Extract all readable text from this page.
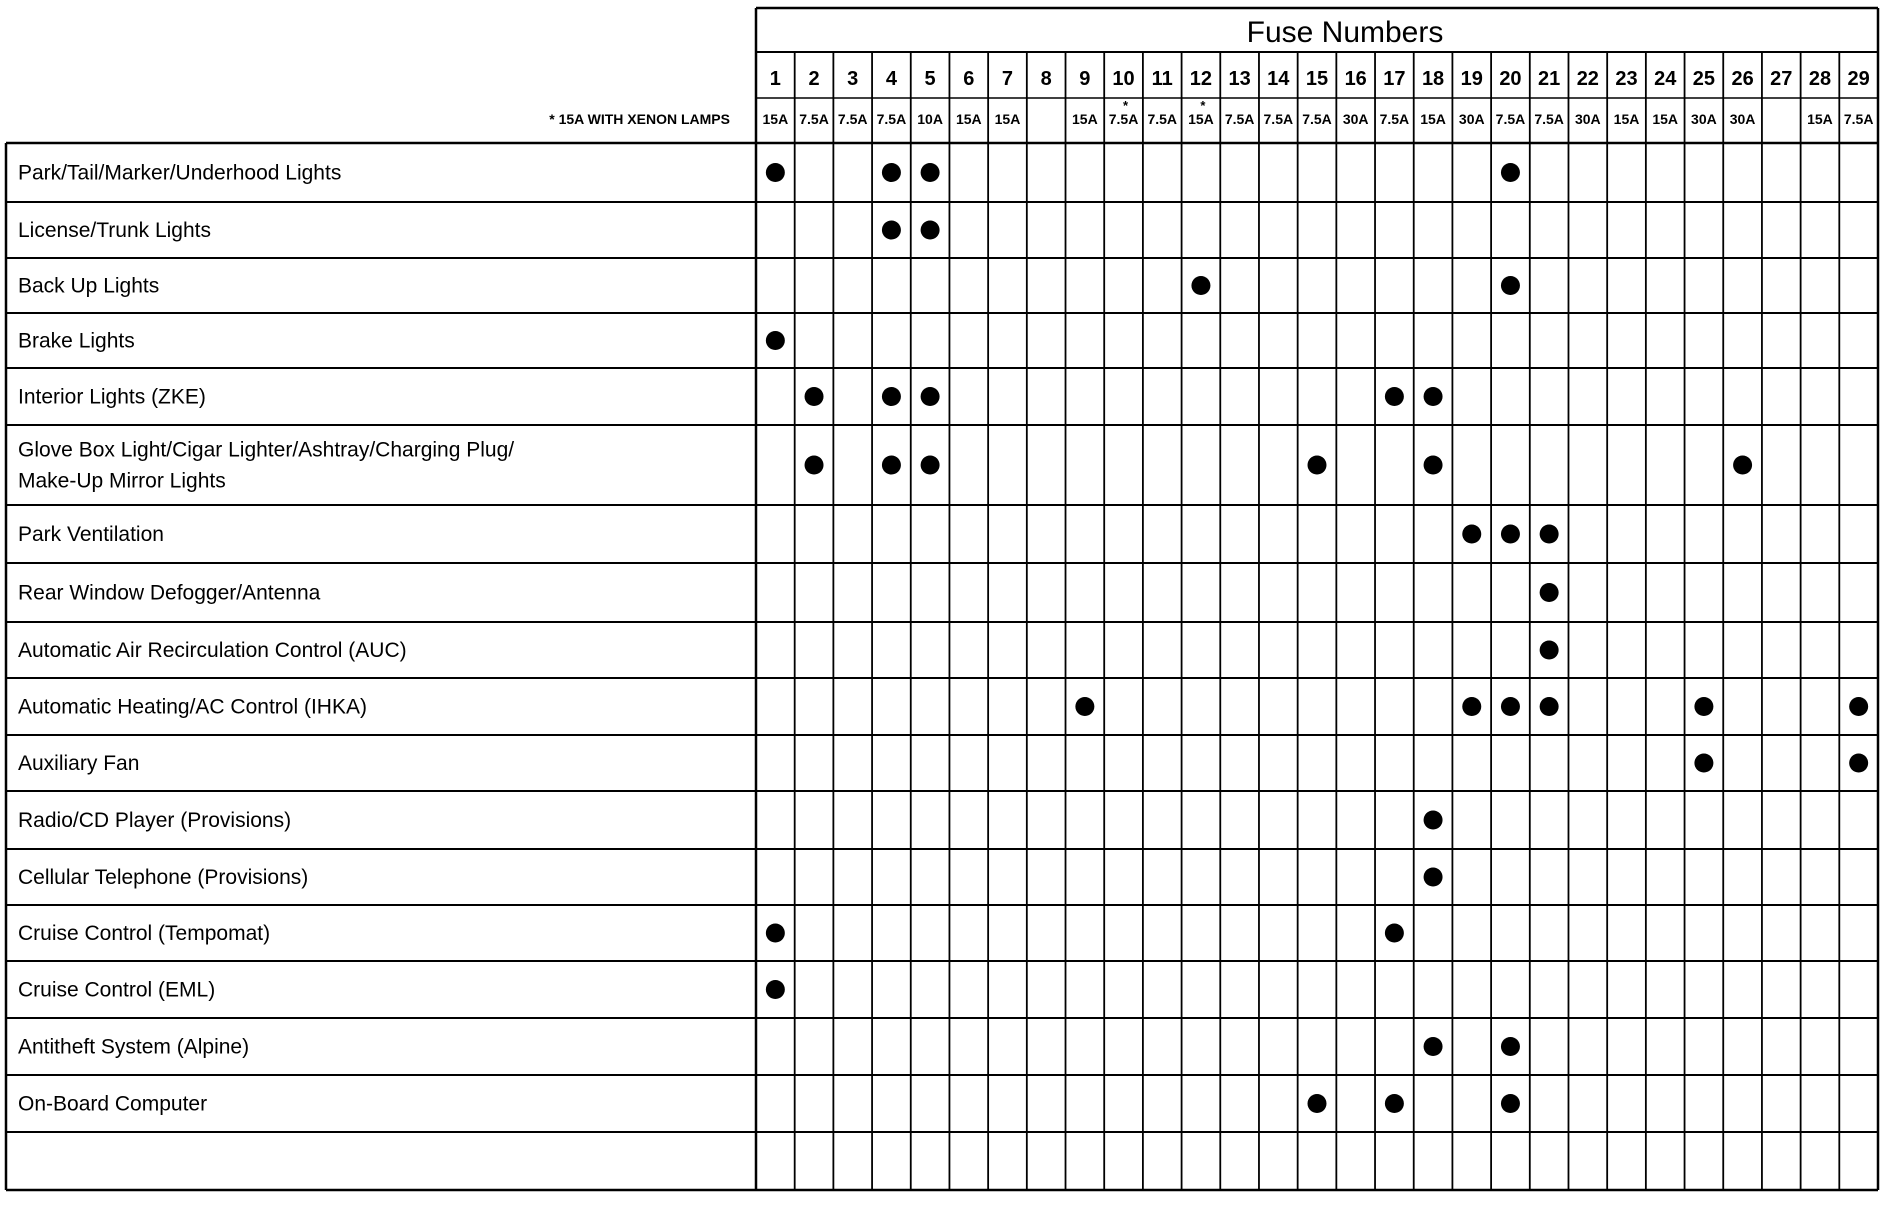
Fuse Numbers
* 15A WITH XENON LAMPS
1
15A
2
7.5A
3
7.5A
4
7.5A
5
10A
6
15A
7
15A
8 9
15A
10
*
7.5A
11
7.5A
12
*
15A
13
7.5A
14
7.5A
15
7.5A
16
30A
17
7.5A
18
15A
19
30A
20
7.5A
21
7.5A
22
30A
23
15A
24
15A
25
30A
26
30A
27 28
15A
29
7.5A
Park/Tail/Marker/Underhood Lights
License/Trunk Lights
Back Up Lights
Brake Lights
Interior Lights (ZKE)
Glove Box Light/Cigar Lighter/Ashtray/Charging Plug/
Make-Up Mirror Lights
Park Ventilation
Rear Window Defogger/Antenna
Automatic Air Recirculation Control (AUC)
Automatic Heating/AC Control (IHKA)
Auxiliary Fan
Radio/CD Player (Provisions)
Cellular Telephone (Provisions)
Cruise Control (Tempomat)
Cruise Control (EML)
Antitheft System (Alpine)
On-Board Computer
